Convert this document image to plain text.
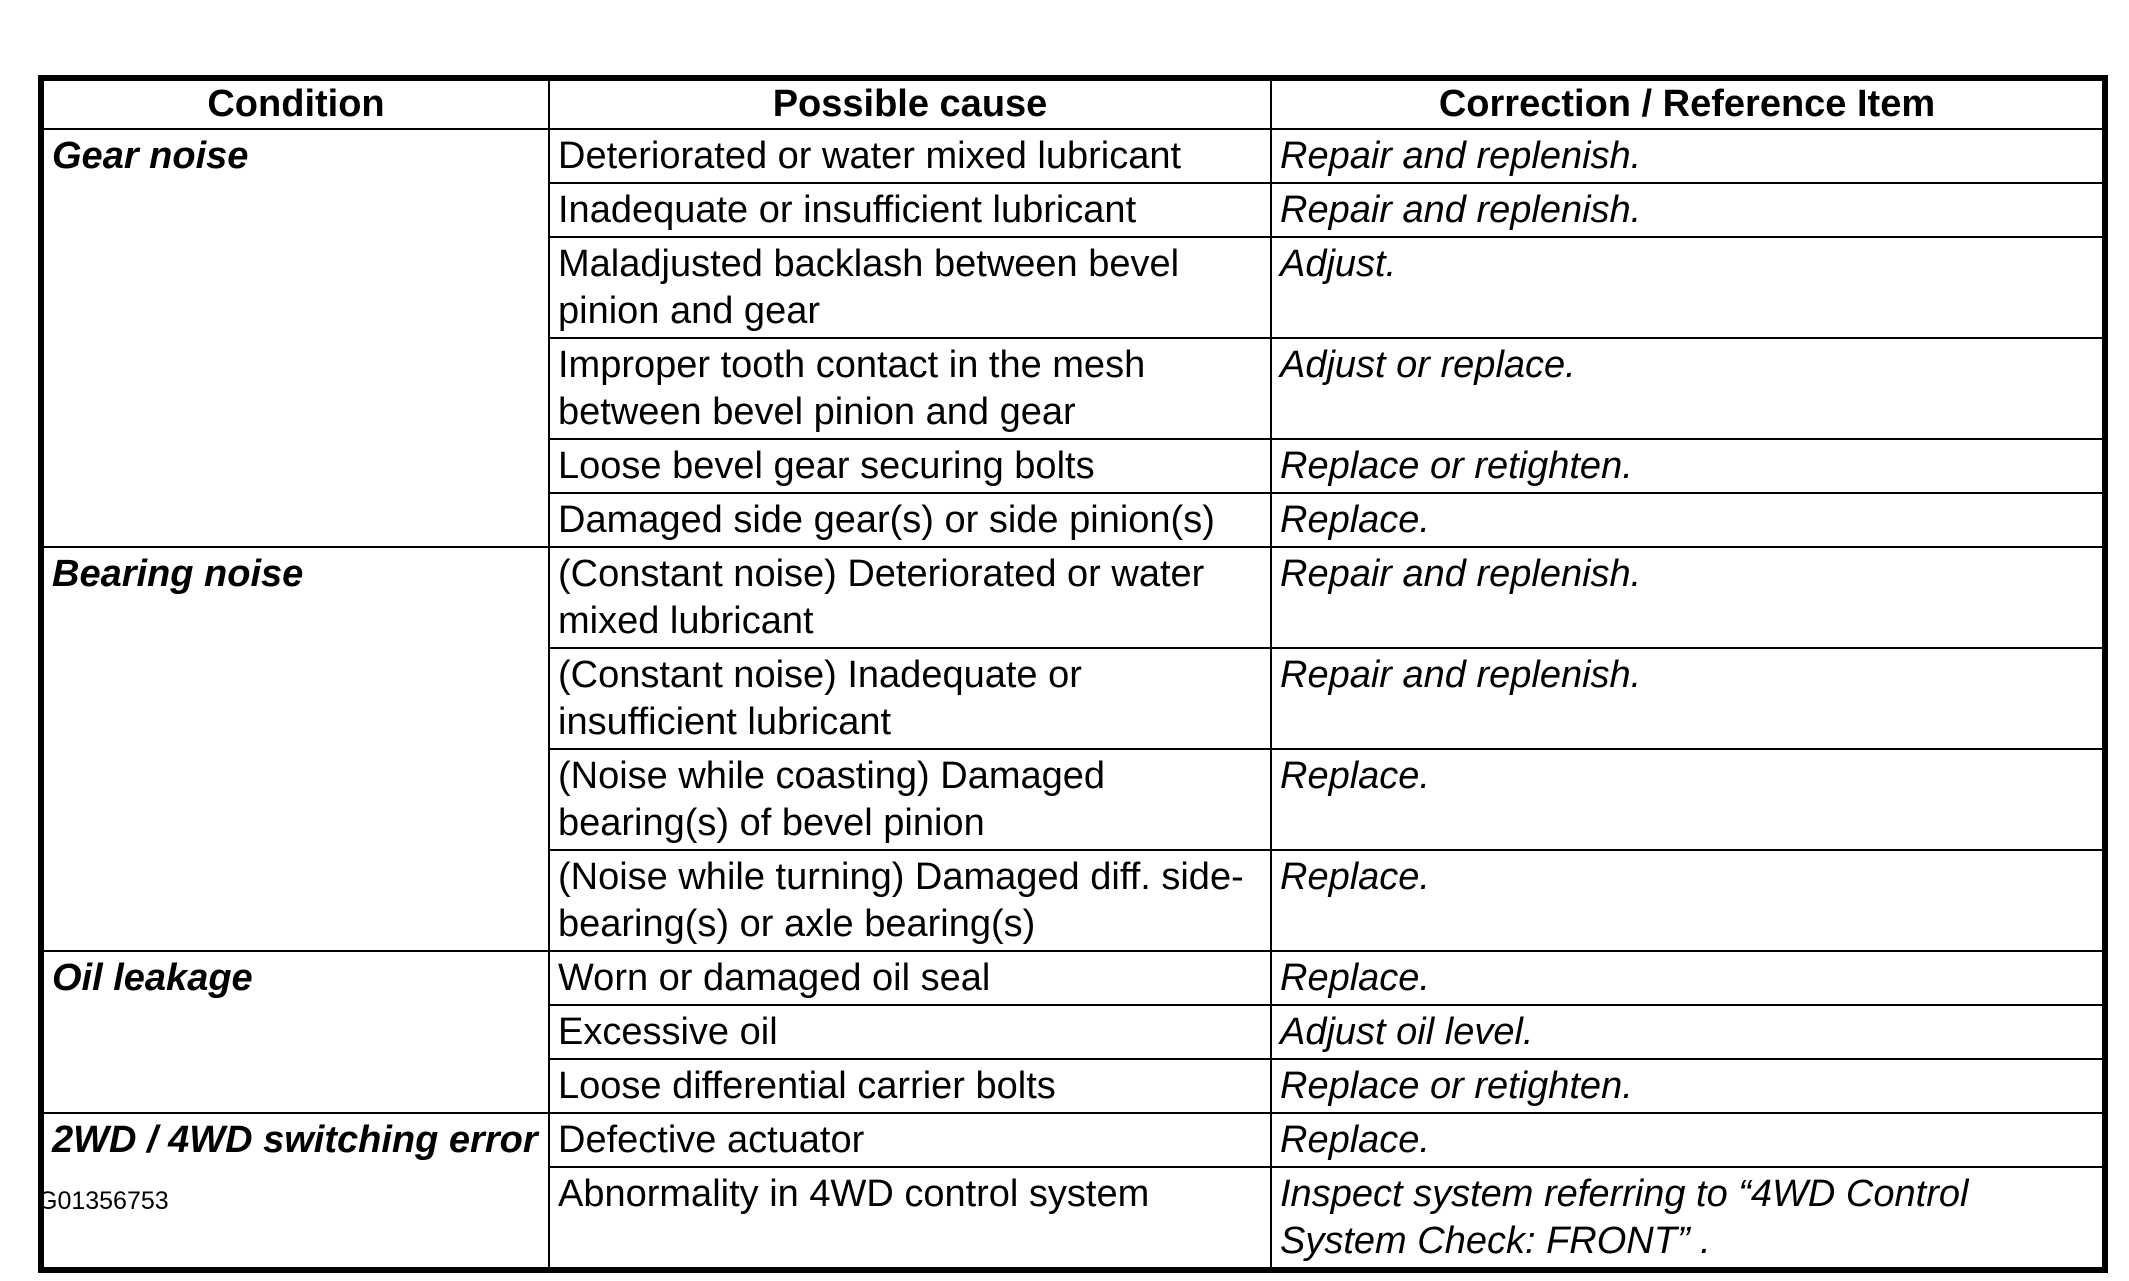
Condition	Possible cause	Correction / Reference Item
Gear noise	Deteriorated or water mixed lubricant	Repair and replenish.
	Inadequate or insufficient lubricant	Repair and replenish.
	Maladjusted backlash between bevel pinion and gear	Adjust.
	Improper tooth contact in the mesh between bevel pinion and gear	Adjust or replace.
	Loose bevel gear securing bolts	Replace or retighten.
	Damaged side gear(s) or side pinion(s)	Replace.
Bearing noise	(Constant noise) Deteriorated or water mixed lubricant	Repair and replenish.
	(Constant noise) Inadequate or insufficient lubricant	Repair and replenish.
	(Noise while coasting) Damaged bearing(s) of bevel pinion	Replace.
	(Noise while turning) Damaged diff. side-bearing(s) or axle bearing(s)	Replace.
Oil leakage	Worn or damaged oil seal	Replace.
	Excessive oil	Adjust oil level.
	Loose differential carrier bolts	Replace or retighten.
2WD / 4WD switching error	Defective actuator	Replace.
	Abnormality in 4WD control system	Inspect system referring to “4WD Control System Check: FRONT” .
G01356753
